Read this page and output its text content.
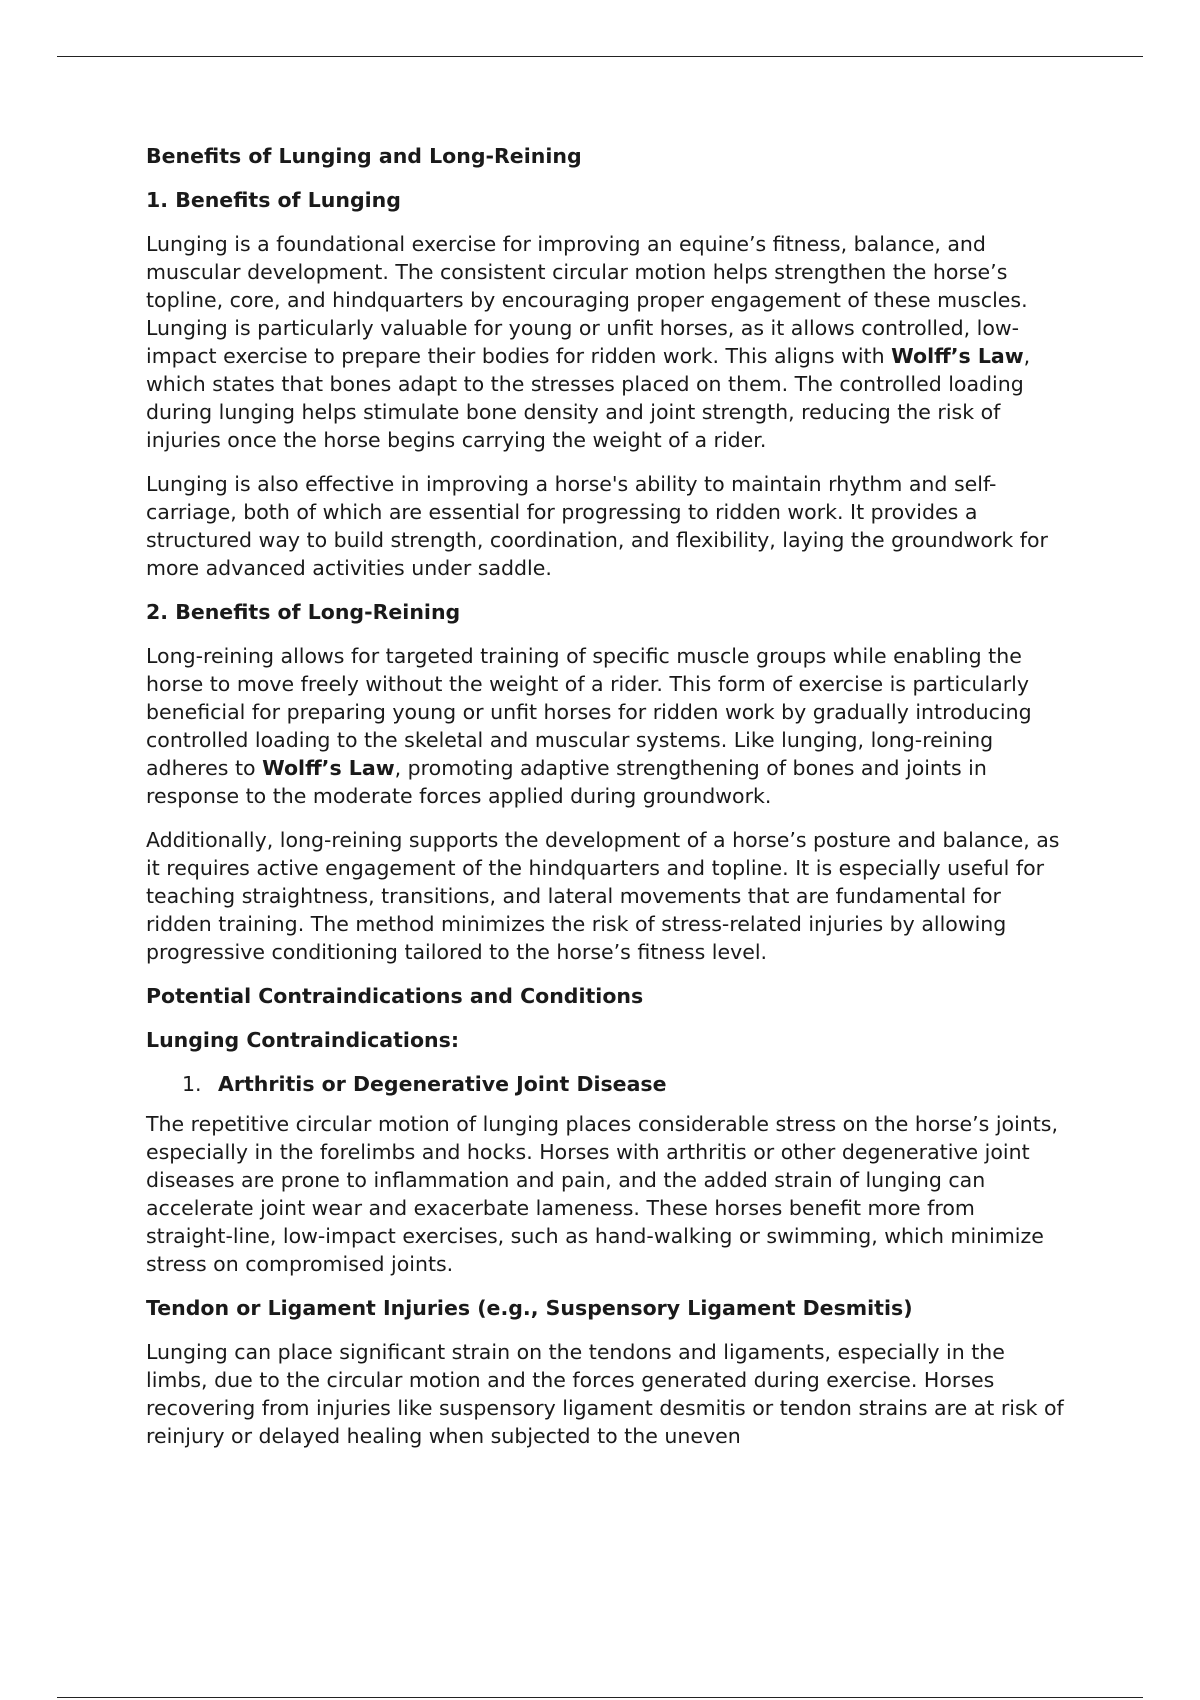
Benefits of Lunging and Long-Reining
1. Benefits of Lunging
Lunging is a foundational exercise for improving an equine’s fitness, balance, and muscular development. The consistent circular motion helps strengthen the horse’s topline, core, and hindquarters by encouraging proper engagement of these muscles. Lunging is particularly valuable for young or unfit horses, as it allows controlled, low-impact exercise to prepare their bodies for ridden work. This aligns with Wolff’s Law, which states that bones adapt to the stresses placed on them. The controlled loading during lunging helps stimulate bone density and joint strength, reducing the risk of injuries once the horse begins carrying the weight of a rider.
Lunging is also effective in improving a horse's ability to maintain rhythm and self-carriage, both of which are essential for progressing to ridden work. It provides a structured way to build strength, coordination, and flexibility, laying the groundwork for more advanced activities under saddle.
2. Benefits of Long-Reining
Long-reining allows for targeted training of specific muscle groups while enabling the horse to move freely without the weight of a rider. This form of exercise is particularly beneficial for preparing young or unfit horses for ridden work by gradually introducing controlled loading to the skeletal and muscular systems. Like lunging, long-reining adheres to Wolff’s Law, promoting adaptive strengthening of bones and joints in response to the moderate forces applied during groundwork.
Additionally, long-reining supports the development of a horse’s posture and balance, as it requires active engagement of the hindquarters and topline. It is especially useful for teaching straightness, transitions, and lateral movements that are fundamental for ridden training. The method minimizes the risk of stress-related injuries by allowing progressive conditioning tailored to the horse’s fitness level.
Potential Contraindications and Conditions
Lunging Contraindications:
1. Arthritis or Degenerative Joint Disease
The repetitive circular motion of lunging places considerable stress on the horse’s joints, especially in the forelimbs and hocks. Horses with arthritis or other degenerative joint diseases are prone to inflammation and pain, and the added strain of lunging can accelerate joint wear and exacerbate lameness. These horses benefit more from straight-line, low-impact exercises, such as hand-walking or swimming, which minimize stress on compromised joints.
Tendon or Ligament Injuries (e.g., Suspensory Ligament Desmitis)
Lunging can place significant strain on the tendons and ligaments, especially in the limbs, due to the circular motion and the forces generated during exercise. Horses recovering from injuries like suspensory ligament desmitis or tendon strains are at risk of reinjury or delayed healing when subjected to the uneven
